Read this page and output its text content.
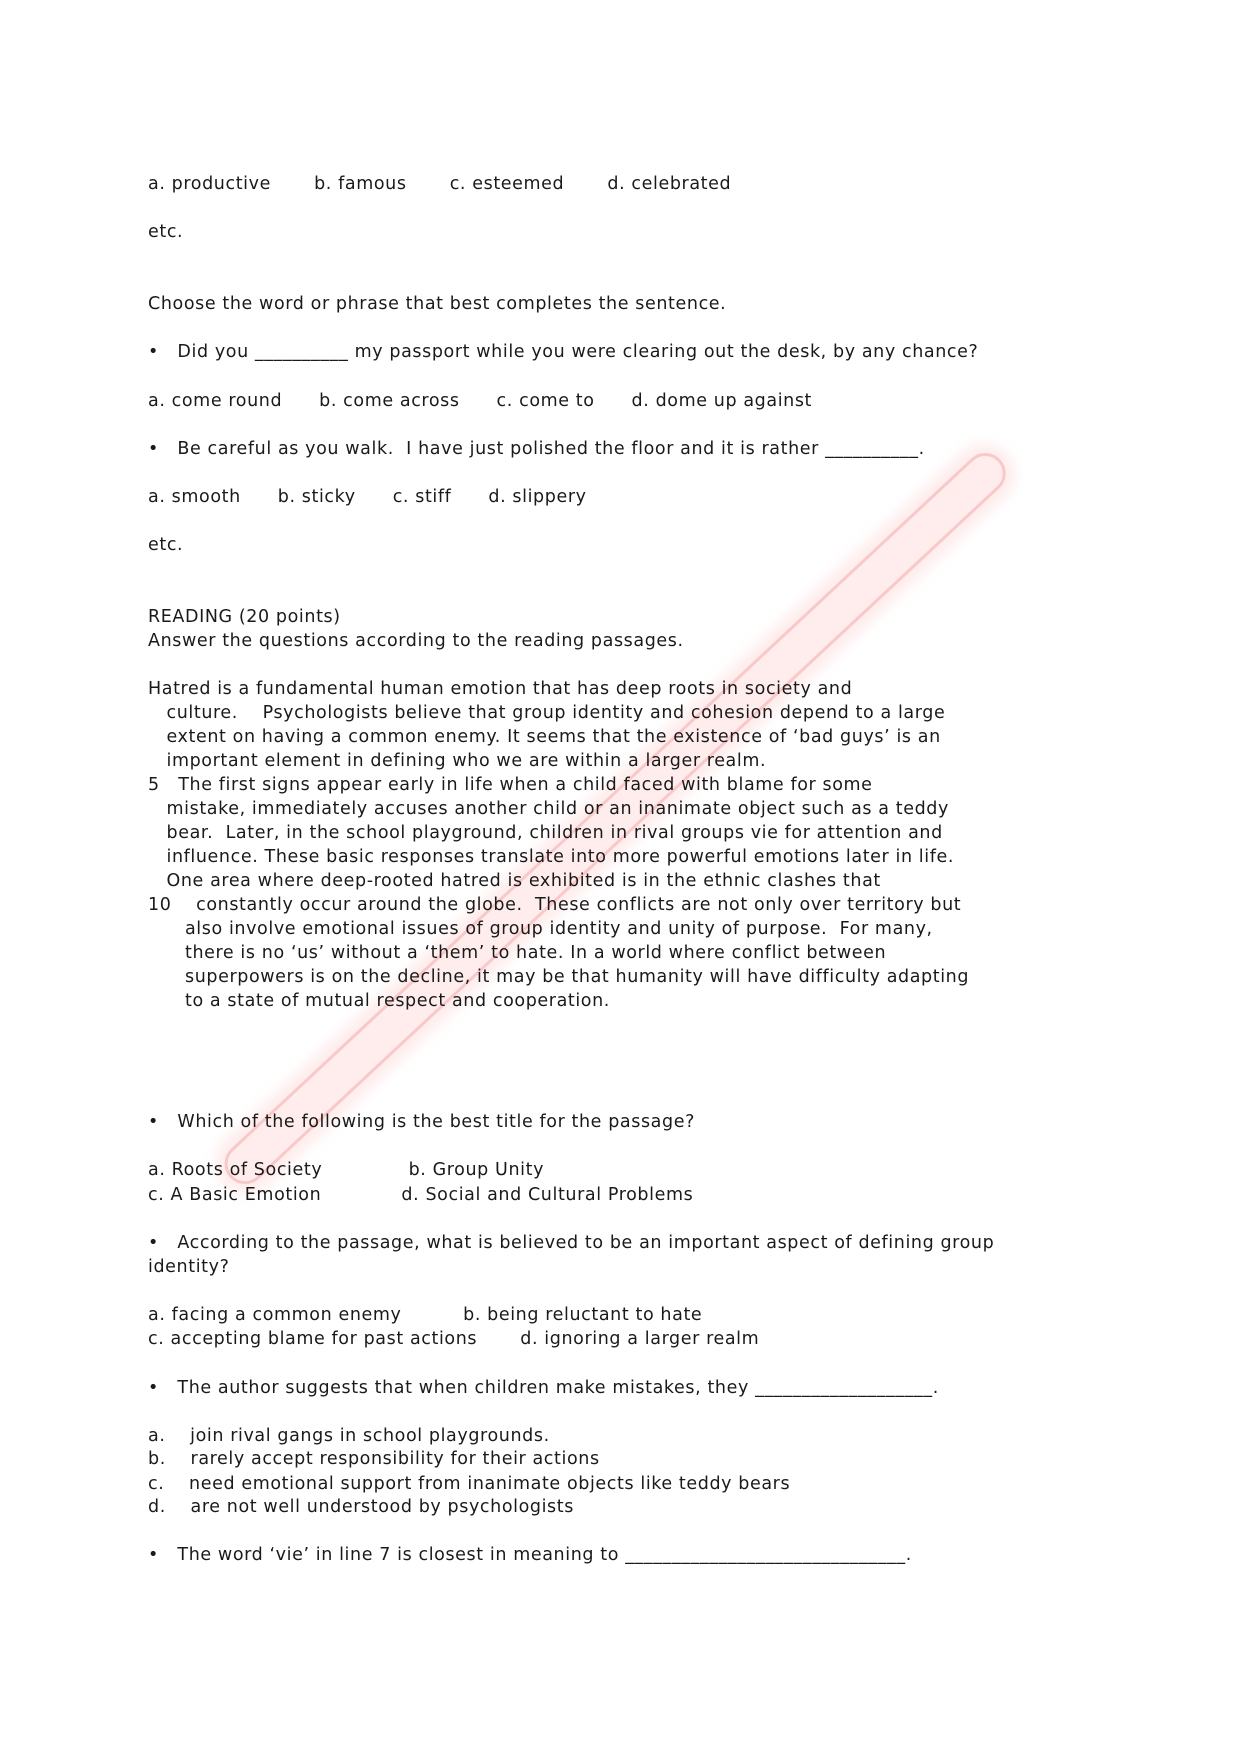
a. productive       b. famous       c. esteemed       d. celebrated
etc.
Choose the word or phrase that best completes the sentence.
•   Did you __________ my passport while you were clearing out the desk, by any chance?
a. come round      b. come across      c. come to      d. dome up against
•   Be careful as you walk.  I have just polished the floor and it is rather __________.
a. smooth      b. sticky      c. stiff      d. slippery
etc.
READING (20 points)
Answer the questions according to the reading passages.
Hatred is a fundamental human emotion that has deep roots in society and
culture.    Psychologists believe that group identity and cohesion depend to a large
extent on having a common enemy. It seems that the existence of ‘bad guys’ is an
important element in defining who we are within a larger realm.
5   The first signs appear early in life when a child faced with blame for some
mistake, immediately accuses another child or an inanimate object such as a teddy
bear.  Later, in the school playground, children in rival groups vie for attention and
influence. These basic responses translate into more powerful emotions later in life.
One area where deep-rooted hatred is exhibited is in the ethnic clashes that
10    constantly occur around the globe.  These conflicts are not only over territory but
also involve emotional issues of group identity and unity of purpose.  For many,
there is no ‘us’ without a ‘them’ to hate. In a world where conflict between
superpowers is on the decline, it may be that humanity will have difficulty adapting
to a state of mutual respect and cooperation.
•   Which of the following is the best title for the passage?
a. Roots of Society              b. Group Unity
c. A Basic Emotion             d. Social and Cultural Problems
•   According to the passage, what is believed to be an important aspect of defining group
identity?
a. facing a common enemy          b. being reluctant to hate
c. accepting blame for past actions       d. ignoring a larger realm
•   The author suggests that when children make mistakes, they ___________________.
a.    join rival gangs in school playgrounds.
b.    rarely accept responsibility for their actions
c.    need emotional support from inanimate objects like teddy bears
d.    are not well understood by psychologists
•   The word ‘vie’ in line 7 is closest in meaning to ______________________________.
